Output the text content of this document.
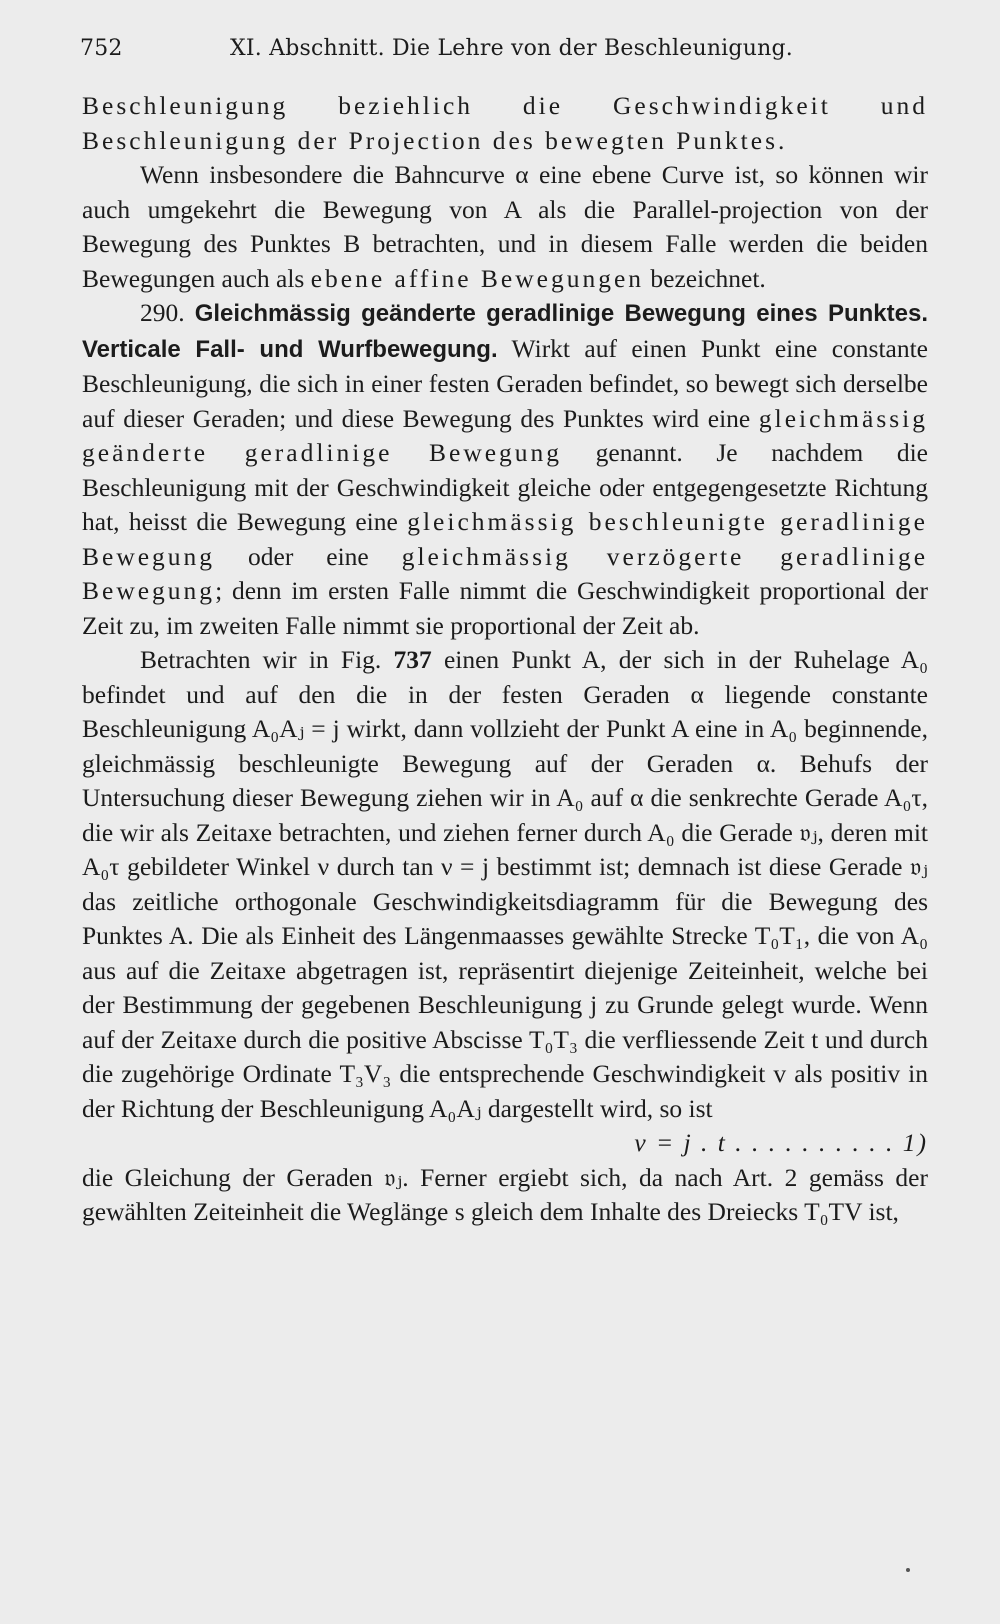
752	XI. Abschnitt. Die Lehre von der Beschleunigung.

Beschleunigung beziehlich die Geschwindigkeit und Beschleunigung der Projection des bewegten Punktes.

Wenn insbesondere die Bahncurve α eine ebene Curve ist, so können wir auch umgekehrt die Bewegung von A als die Parallel-projection von der Bewegung des Punktes B betrachten, und in diesem Falle werden die beiden Bewegungen auch als ebene affine Bewegungen bezeichnet.

290. Gleichmässig geänderte geradlinige Bewegung eines Punktes. Verticale Fall- und Wurfbewegung. Wirkt auf einen Punkt eine constante Beschleunigung, die sich in einer festen Geraden befindet, so bewegt sich derselbe auf dieser Geraden; und diese Bewegung des Punktes wird eine gleichmässig geänderte geradlinige Bewegung genannt. Je nachdem die Beschleunigung mit der Geschwindigkeit gleiche oder entgegengesetzte Richtung hat, heisst die Bewegung eine gleichmässig beschleunigte geradlinige Bewegung oder eine gleichmässig verzögerte geradlinige Bewegung; denn im ersten Falle nimmt die Geschwindigkeit proportional der Zeit zu, im zweiten Falle nimmt sie proportional der Zeit ab.

Betrachten wir in Fig. 737 einen Punkt A, der sich in der Ruhelage A₀ befindet und auf den die in der festen Geraden α liegende constante Beschleunigung A₀Aⱼ = j wirkt, dann vollzieht der Punkt A eine in A₀ beginnende, gleichmässig beschleunigte Bewegung auf der Geraden α. Behufs der Untersuchung dieser Bewegung ziehen wir in A₀ auf α die senkrechte Gerade A₀τ, die wir als Zeitaxe betrachten, und ziehen ferner durch A₀ die Gerade 𝔳ⱼ, deren mit A₀τ gebildeter Winkel ν durch tan ν = j bestimmt ist; demnach ist diese Gerade 𝔳ⱼ das zeitliche orthogonale Geschwindigkeitsdiagramm für die Bewegung des Punktes A. Die als Einheit des Längenmaasses gewählte Strecke T₀T₁, die von A₀ aus auf die Zeitaxe abgetragen ist, repräsentirt diejenige Zeiteinheit, welche bei der Bestimmung der gegebenen Beschleunigung j zu Grunde gelegt wurde. Wenn auf der Zeitaxe durch die positive Abscisse T₀T₃ die verfliessende Zeit t und durch die zugehörige Ordinate T₃V₃ die entsprechende Geschwindigkeit v als positiv in der Richtung der Beschleunigung A₀Aⱼ dargestellt wird, so ist

v = j . t . . . . . . . . . . 1)

die Gleichung der Geraden 𝔳ⱼ. Ferner ergiebt sich, da nach Art. 2 gemäss der gewählten Zeiteinheit die Weglänge s gleich dem Inhalte des Dreiecks T₀TV ist,
